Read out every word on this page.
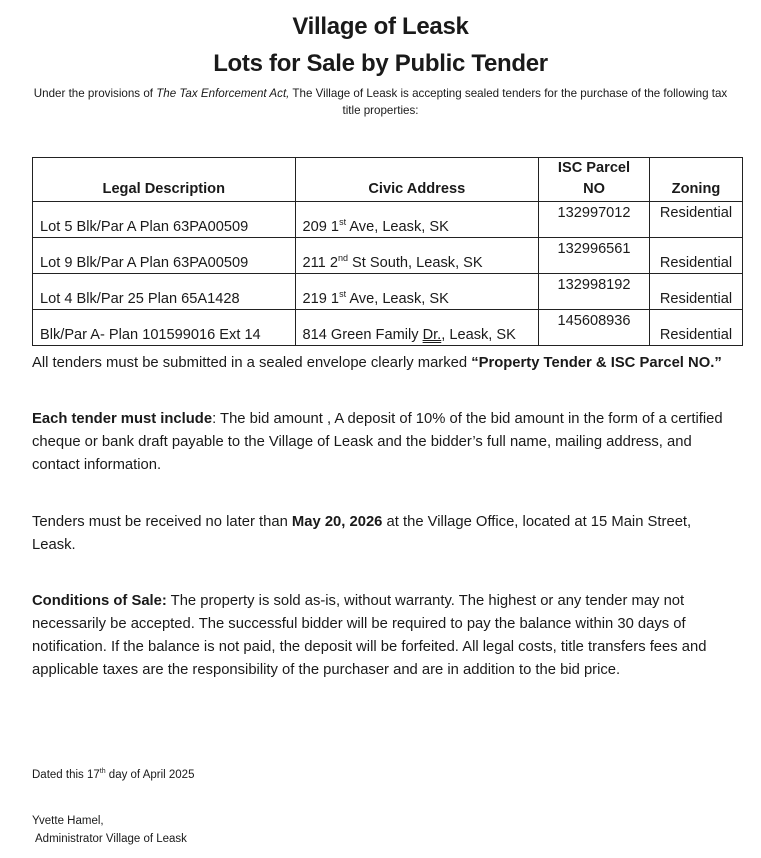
Village of Leask
Lots for Sale by Public Tender
Under the provisions of The Tax Enforcement Act, The Village of Leask is accepting sealed tenders for the purchase of the following tax title properties:
Legal Description	Civic Address	ISC Parcel NO	Zoning
Lot 5 Blk/Par A Plan 63PA00509	209 1st Ave, Leask, SK	132997012	Residential
Lot 9 Blk/Par A Plan 63PA00509	211 2nd St South, Leask, SK	132996561	Residential
Lot 4 Blk/Par 25 Plan 65A1428	219 1st Ave, Leask, SK	132998192	Residential
Blk/Par A- Plan 101599016 Ext 14	814 Green Family Dr., Leask, SK	145608936	Residential
All tenders must be submitted in a sealed envelope clearly marked “Property Tender & ISC Parcel NO.”
Each tender must include: The bid amount , A deposit of 10% of the bid amount in the form of a certified cheque or bank draft payable to the Village of Leask and the bidder’s full name, mailing address, and contact information.
Tenders must be received no later than May 20, 2026 at the Village Office, located at 15 Main Street, Leask.
Conditions of Sale: The property is sold as-is, without warranty. The highest or any tender may not necessarily be accepted. The successful bidder will be required to pay the balance within 30 days of notification. If the balance is not paid, the deposit will be forfeited. All legal costs, title transfers fees and applicable taxes are the responsibility of the purchaser and are in addition to the bid price.
Dated this 17th day of April 2025
Yvette Hamel,
Administrator Village of Leask
